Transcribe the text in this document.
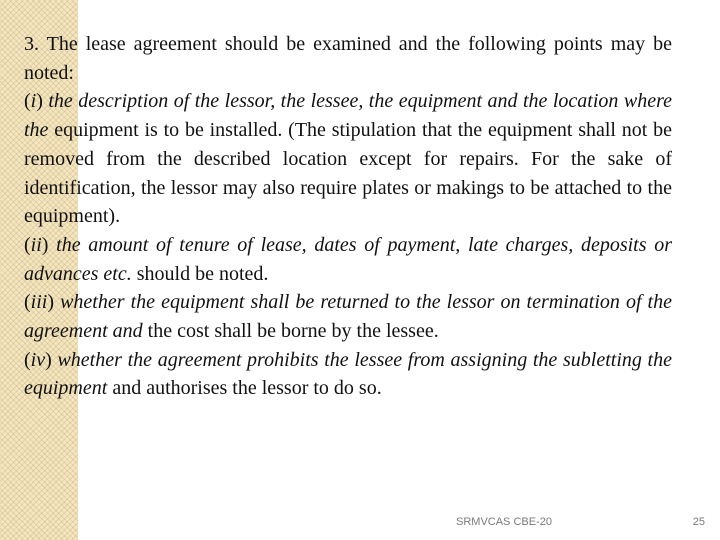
3. The lease agreement should be examined and the following points may be noted:

(i) the description of the lessor, the lessee, the equipment and the location where the equipment is to be installed. (The stipulation that the equipment shall not be removed from the described location except for repairs. For the sake of identification, the lessor may also require plates or makings to be attached to the equipment).

(ii) the amount of tenure of lease, dates of payment, late charges, deposits or advances etc. should be noted.

(iii) whether the equipment shall be returned to the lessor on termination of the agreement and the cost shall be borne by the lessee.

(iv) whether the agreement prohibits the lessee from assigning the subletting the equipment and authorises the lessor to do so.

SRMVCAS CBE-20	25
